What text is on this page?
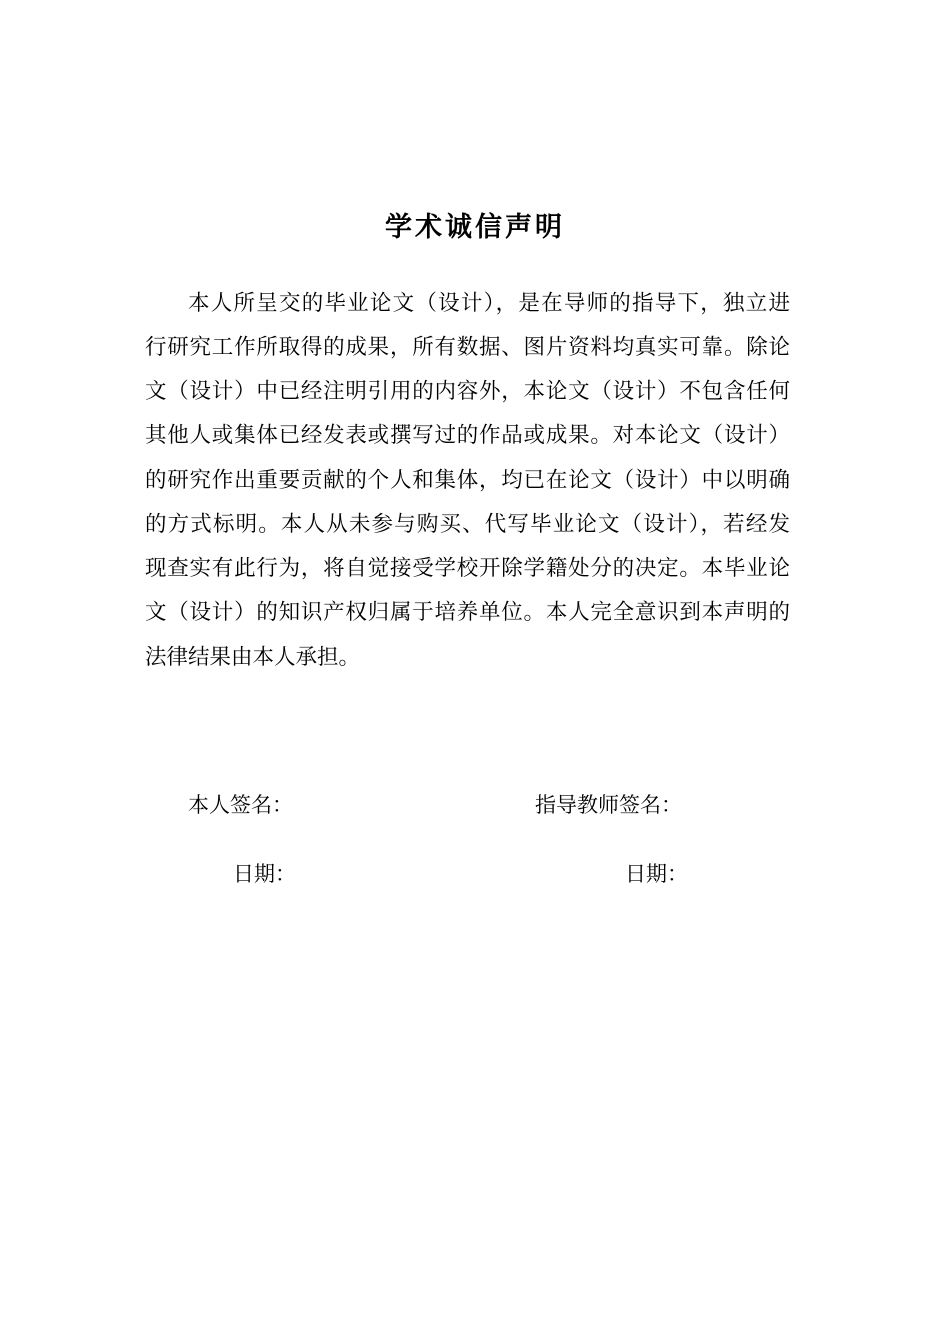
学术诚信声明
本人所呈交的毕业论文（设计），是在导师的指导下，独立进
行研究工作所取得的成果，所有数据、图片资料均真实可靠。除论
文（设计）中已经注明引用的内容外，本论文（设计）不包含任何
其他人或集体已经发表或撰写过的作品或成果。对本论文（设计）
的研究作出重要贡献的个人和集体，均已在论文（设计）中以明确
的方式标明。本人从未参与购买、代写毕业论文（设计），若经发
现查实有此行为，将自觉接受学校开除学籍处分的决定。本毕业论
文（设计）的知识产权归属于培养单位。本人完全意识到本声明的
法律结果由本人承担。
本人签名：	指导教师签名：
日期：	日期：
